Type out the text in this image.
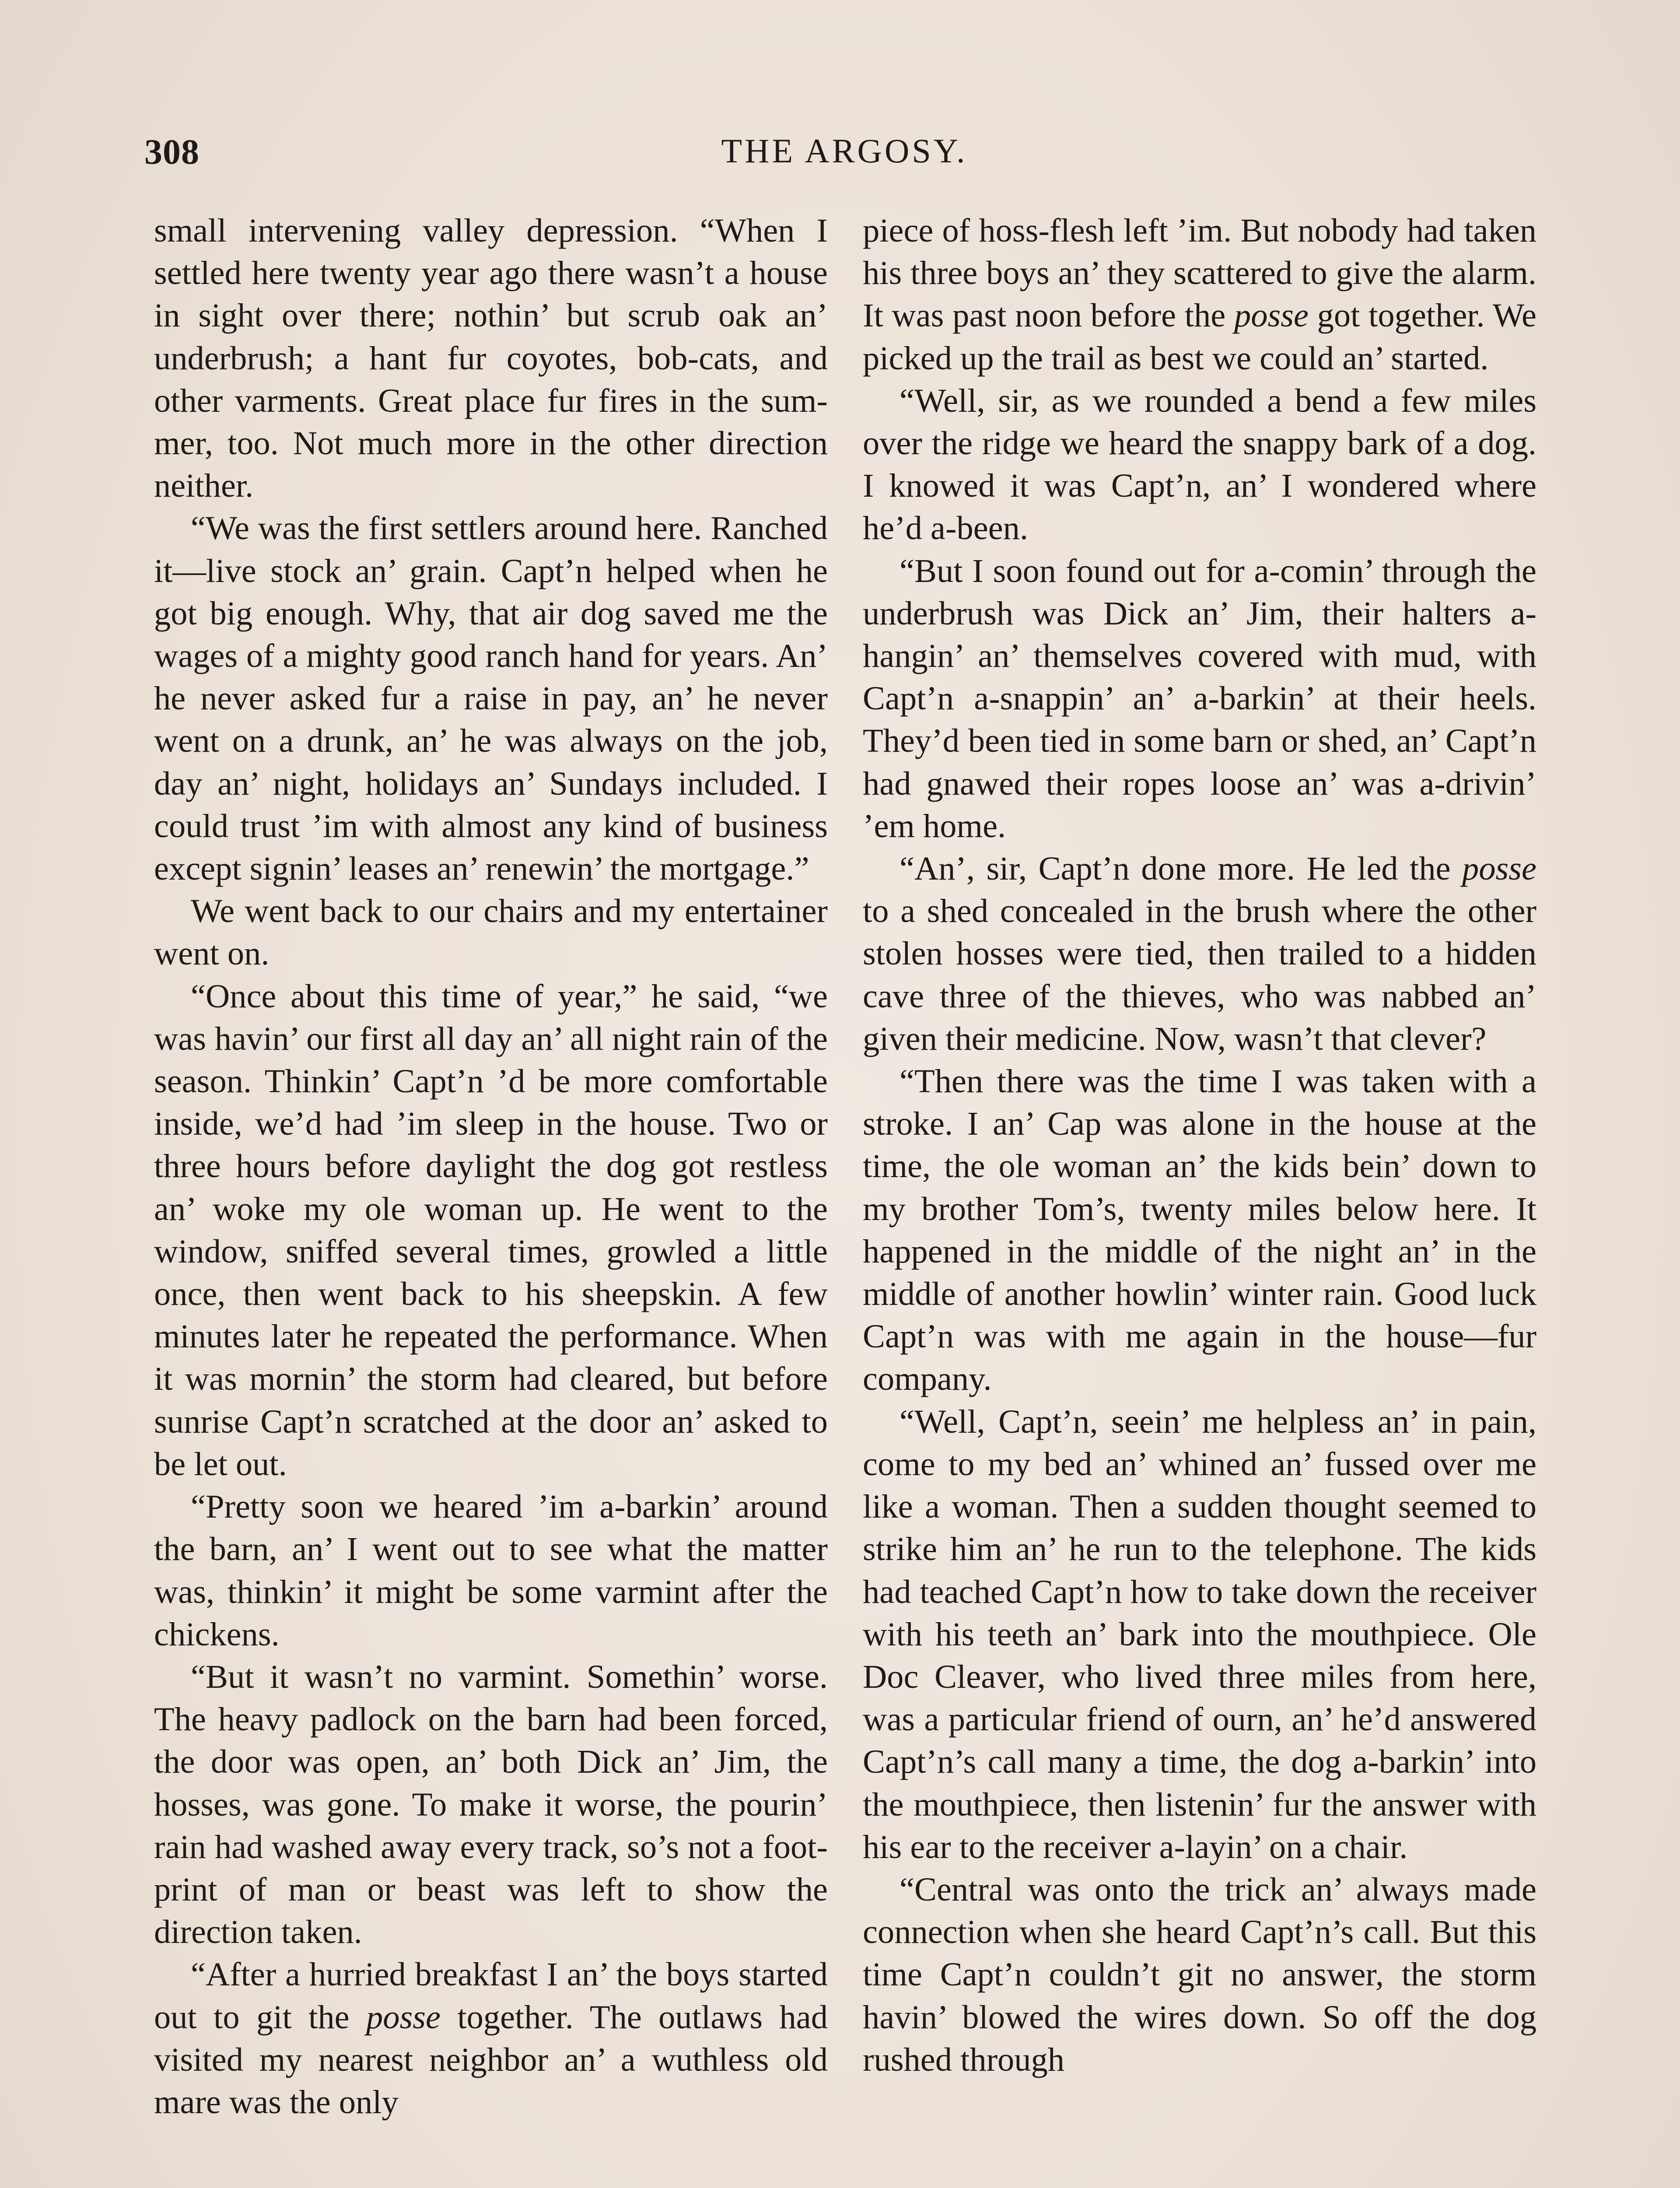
308	THE ARGOSY.

small intervening valley depression. “When I settled here twenty year ago there wasn’t a house in sight over there; nothin’ but scrub oak an’ underbrush; a hant fur coyotes, bob-cats, and other varments. Great place fur fires in the summer, too. Not much more in the other direction neither.

“We was the first settlers around here. Ranched it—live stock an’ grain. Capt’n helped when he got big enough. Why, that air dog saved me the wages of a mighty good ranch hand for years. An’ he never asked fur a raise in pay, an’ he never went on a drunk, an’ he was always on the job, day an’ night, holidays an’ Sundays included. I could trust ’im with almost any kind of business except signin’ leases an’ renewin’ the mortgage.”

We went back to our chairs and my entertainer went on.

“Once about this time of year,” he said, “we was havin’ our first all day an’ all night rain of the season. Thinkin’ Capt’n ’d be more comfortable inside, we’d had ’im sleep in the house. Two or three hours before daylight the dog got restless an’ woke my ole woman up. He went to the window, sniffed several times, growled a little once, then went back to his sheepskin. A few minutes later he repeated the performance. When it was mornin’ the storm had cleared, but before sunrise Capt’n scratched at the door an’ asked to be let out.

“Pretty soon we heared ’im a-barkin’ around the barn, an’ I went out to see what the matter was, thinkin’ it might be some varmint after the chickens.

“But it wasn’t no varmint. Somethin’ worse. The heavy padlock on the barn had been forced, the door was open, an’ both Dick an’ Jim, the hosses, was gone. To make it worse, the pourin’ rain had washed away every track, so’s not a footprint of man or beast was left to show the direction taken.

“After a hurried breakfast I an’ the boys started out to git the posse together. The outlaws had visited my nearest neighbor an’ a wuthless old mare was the only

piece of hoss-flesh left ’im. But nobody had taken his three boys an’ they scattered to give the alarm. It was past noon before the posse got together. We picked up the trail as best we could an’ started.

“Well, sir, as we rounded a bend a few miles over the ridge we heard the snappy bark of a dog. I knowed it was Capt’n, an’ I wondered where he’d a-been.

“But I soon found out for a-comin’ through the underbrush was Dick an’ Jim, their halters a-hangin’ an’ themselves covered with mud, with Capt’n a-snappin’ an’ a-barkin’ at their heels. They’d been tied in some barn or shed, an’ Capt’n had gnawed their ropes loose an’ was a-drivin’ ’em home.

“An’, sir, Capt’n done more. He led the posse to a shed concealed in the brush where the other stolen hosses were tied, then trailed to a hidden cave three of the thieves, who was nabbed an’ given their medicine. Now, wasn’t that clever?

“Then there was the time I was taken with a stroke. I an’ Cap was alone in the house at the time, the ole woman an’ the kids bein’ down to my brother Tom’s, twenty miles below here. It happened in the middle of the night an’ in the middle of another howlin’ winter rain. Good luck Capt’n was with me again in the house—fur company.

“Well, Capt’n, seein’ me helpless an’ in pain, come to my bed an’ whined an’ fussed over me like a woman. Then a sudden thought seemed to strike him an’ he run to the telephone. The kids had teached Capt’n how to take down the receiver with his teeth an’ bark into the mouthpiece. Ole Doc Cleaver, who lived three miles from here, was a particular friend of ourn, an’ he’d answered Capt’n’s call many a time, the dog a-barkin’ into the mouthpiece, then listenin’ fur the answer with his ear to the receiver a-layin’ on a chair.

“Central was onto the trick an’ always made connection when she heard Capt’n’s call. But this time Capt’n couldn’t git no answer, the storm havin’ blowed the wires down. So off the dog rushed through
